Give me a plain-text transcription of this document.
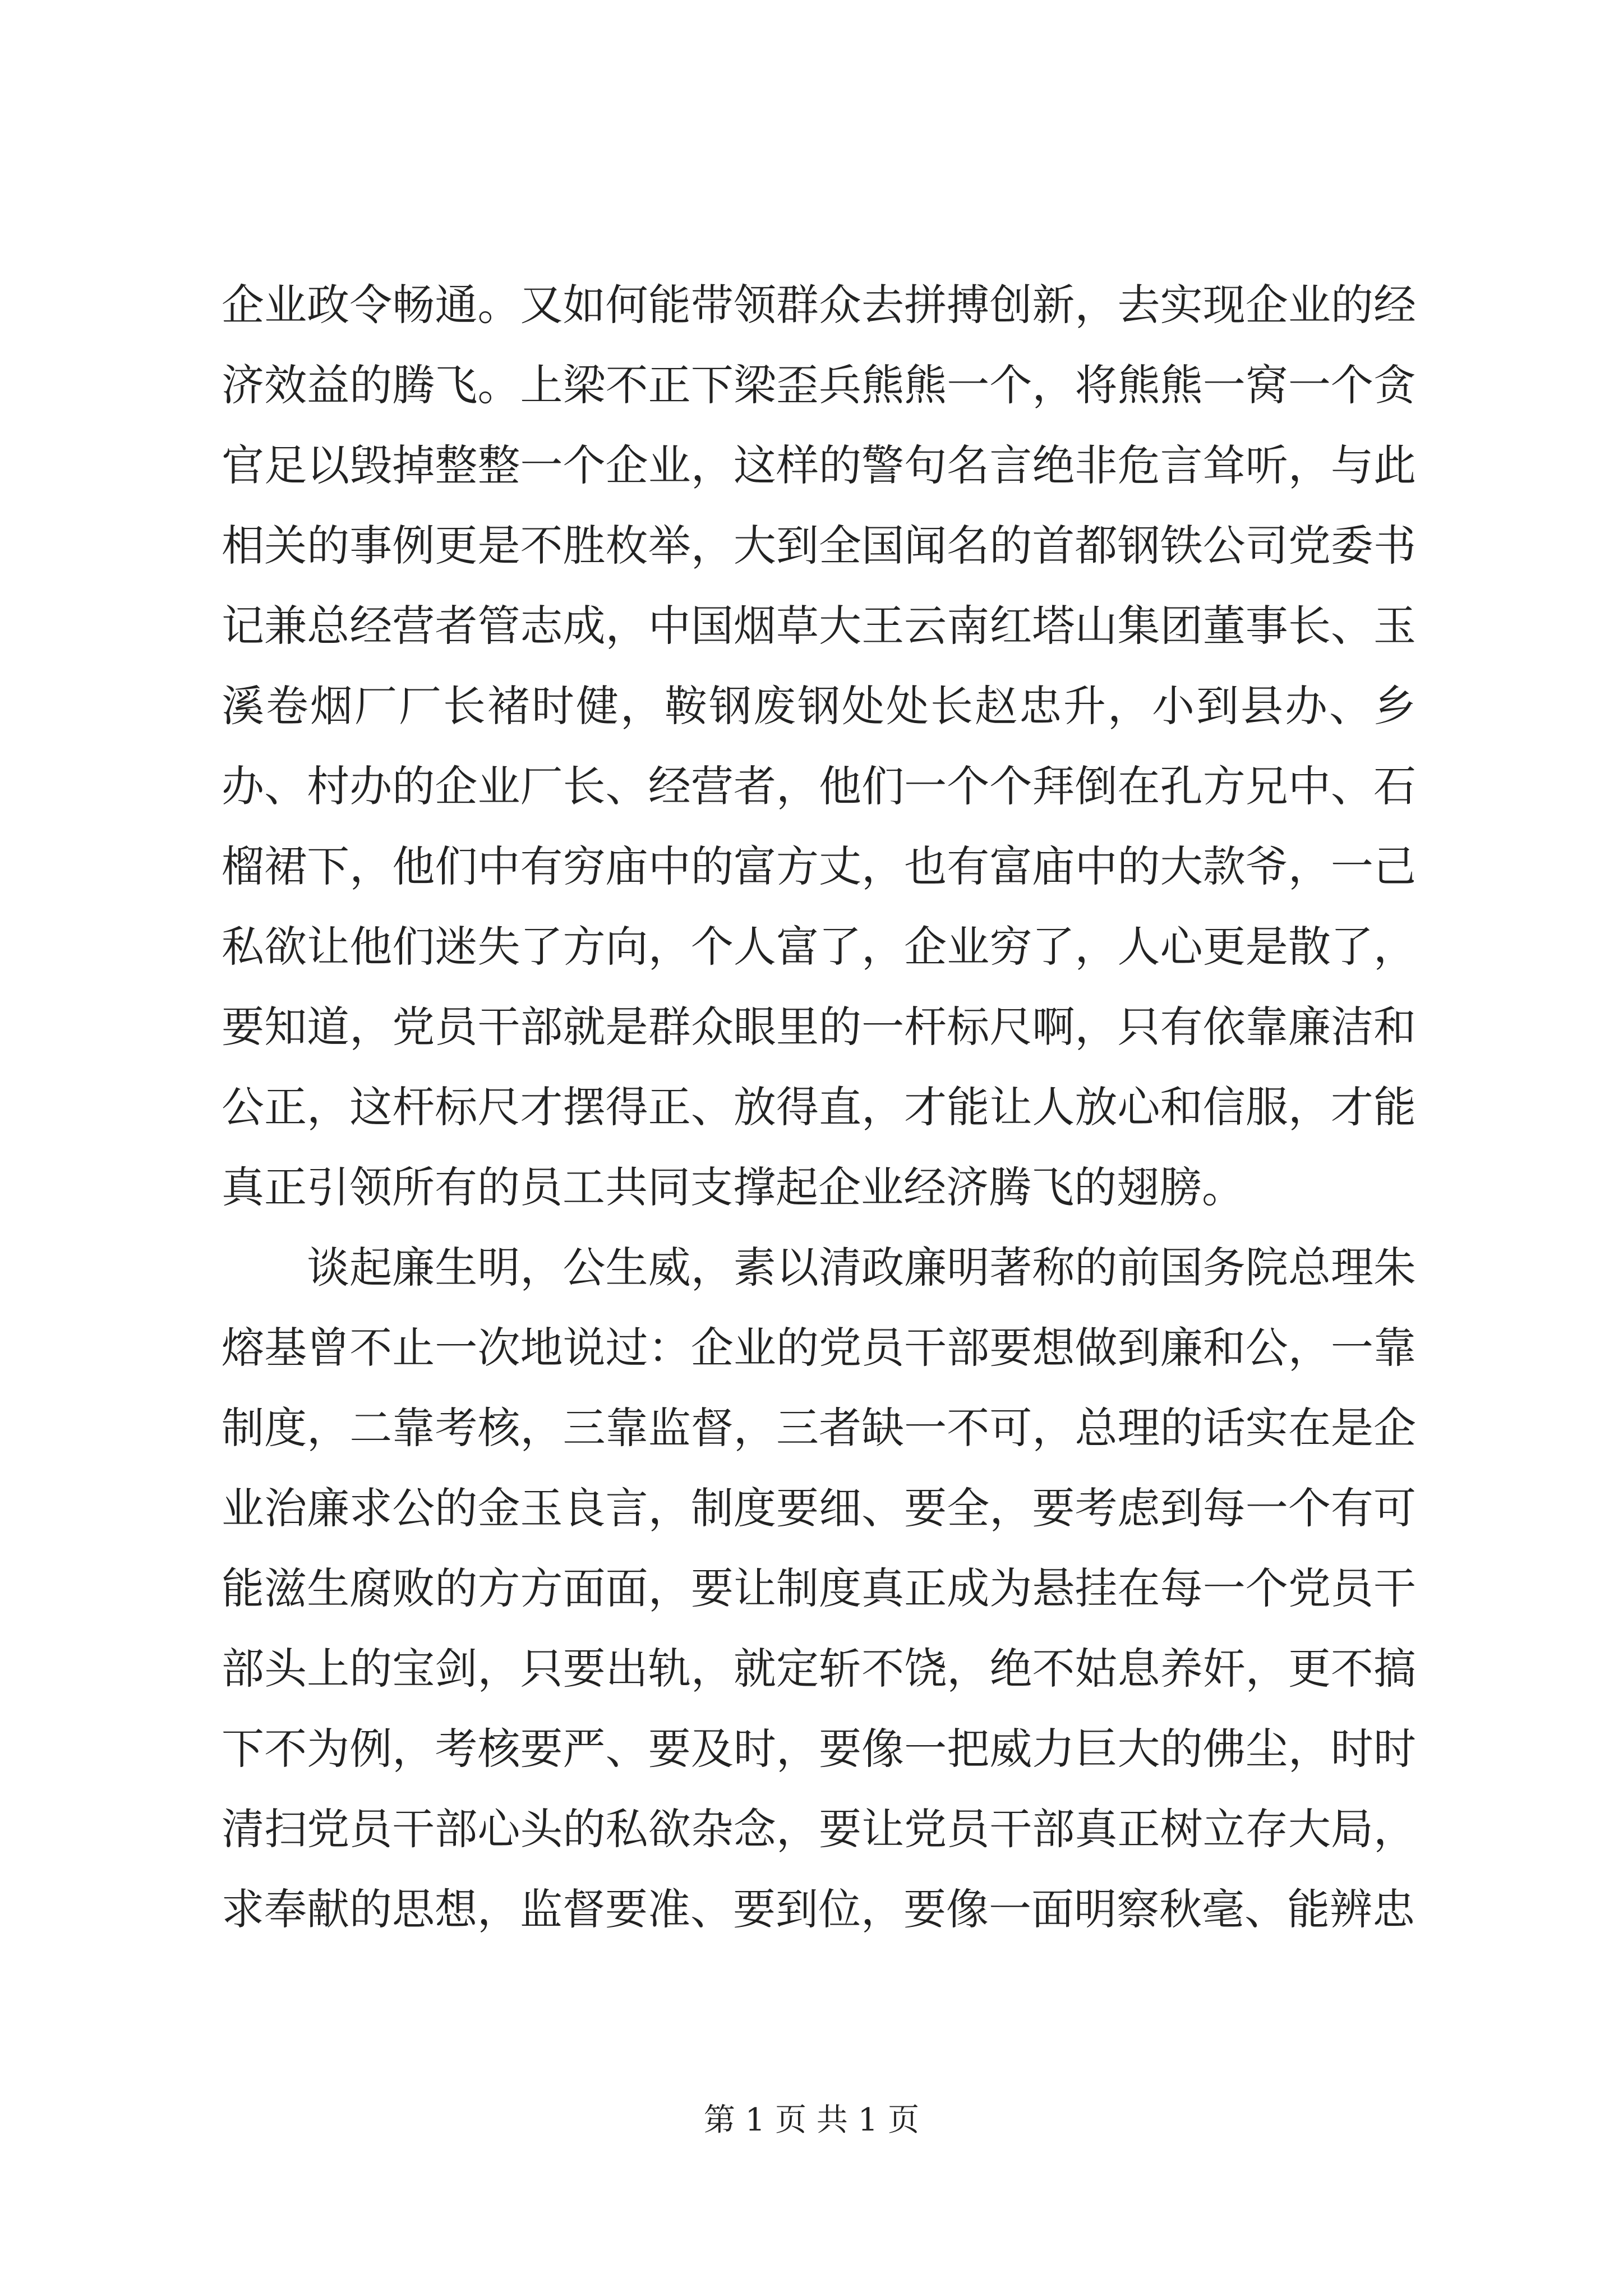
企业政令畅通。又如何能带领群众去拼搏创新，去实现企业的经济效益的腾飞。上梁不正下梁歪兵熊熊一个，将熊熊一窝一个贪官足以毁掉整整一个企业，这样的警句名言绝非危言耸听，与此相关的事例更是不胜枚举，大到全国闻名的首都钢铁公司党委书记兼总经营者管志成，中国烟草大王云南红塔山集团董事长、玉溪卷烟厂厂长褚时健，鞍钢废钢处处长赵忠升，小到县办、乡办、村办的企业厂长、经营者，他们一个个拜倒在孔方兄中、石榴裙下，他们中有穷庙中的富方丈，也有富庙中的大款爷，一己私欲让他们迷失了方向，个人富了，企业穷了，人心更是散了，要知道，党员干部就是群众眼里的一杆标尺啊，只有依靠廉洁和公正，这杆标尺才摆得正、放得直，才能让人放心和信服，才能真正引领所有的员工共同支撑起企业经济腾飞的翅膀。

谈起廉生明，公生威，素以清政廉明著称的前国务院总理朱熔基曾不止一次地说过：企业的党员干部要想做到廉和公，一靠制度，二靠考核，三靠监督，三者缺一不可，总理的话实在是企业治廉求公的金玉良言，制度要细、要全，要考虑到每一个有可能滋生腐败的方方面面，要让制度真正成为悬挂在每一个党员干部头上的宝剑，只要出轨，就定斩不饶，绝不姑息养奸，更不搞下不为例，考核要严、要及时，要像一把威力巨大的佛尘，时时清扫党员干部心头的私欲杂念，要让党员干部真正树立存大局，求奉献的思想，监督要准、要到位，要像一面明察秋毫、能辨忠

第 1 页 共 1 页
